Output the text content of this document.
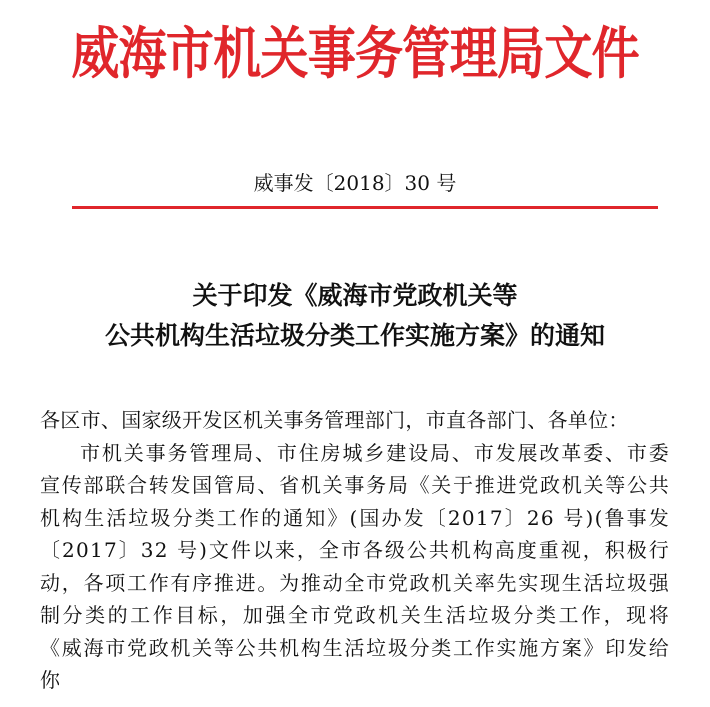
威海市机关事务管理局文件
威事发〔2018〕30 号
关于印发《威海市党政机关等
公共机构生活垃圾分类工作实施方案》的通知

各区市、国家级开发区机关事务管理部门，市直各部门、各单位：

市机关事务管理局、市住房城乡建设局、市发展改革委、市委宣传部联合转发国管局、省机关事务局《关于推进党政机关等公共机构生活垃圾分类工作的通知》(国办发〔2017〕26 号)(鲁事发〔2017〕32 号)文件以来，全市各级公共机构高度重视，积极行动，各项工作有序推进。为推动全市党政机关率先实现生活垃圾强制分类的工作目标，加强全市党政机关生活垃圾分类工作，现将《威海市党政机关等公共机构生活垃圾分类工作实施方案》印发给你
